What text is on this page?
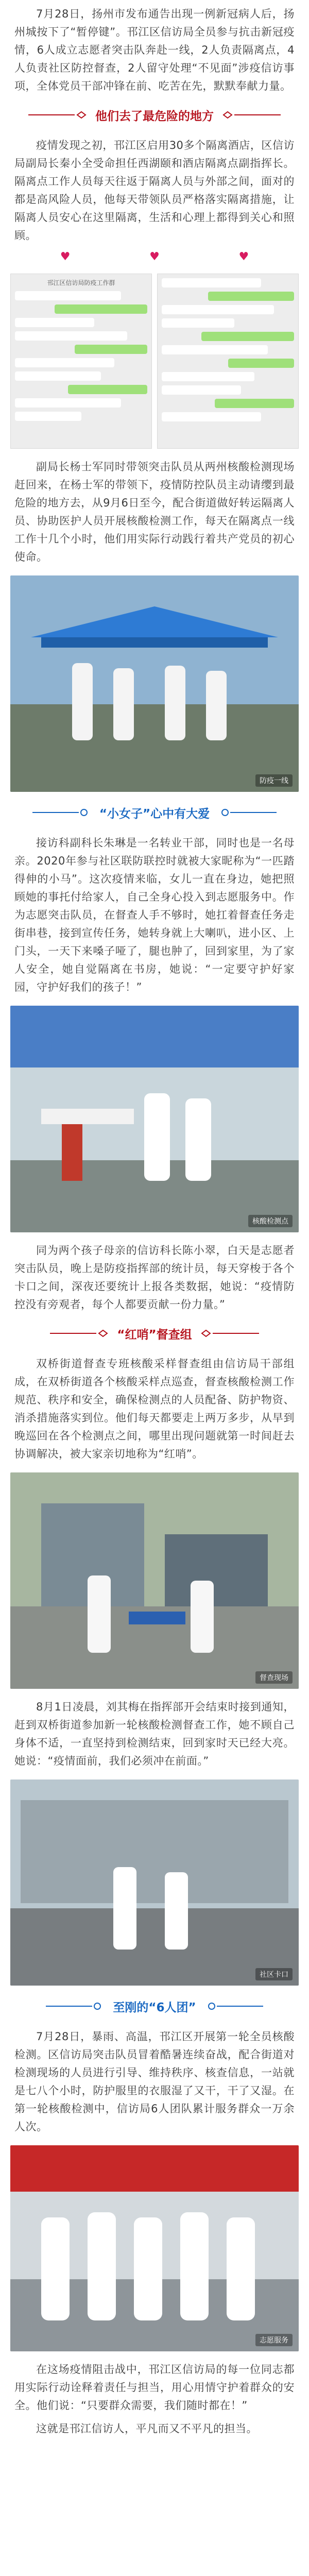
7月28日，扬州市发布通告出现一例新冠病人后，扬州城按下了“暂停键”。邗江区信访局全员参与抗击新冠疫情，6人成立志愿者突击队奔赴一线，2人负责隔离点，4人负责社区防控督查，2人留守处理“不见面”涉疫信访事项，全体党员干部冲锋在前、吃苦在先，默默奉献力量。

他们去了最危险的地方

疫情发现之初，邗江区启用30多个隔离酒店，区信访局副局长秦小全受命担任西湖颐和酒店隔离点副指挥长。隔离点工作人员每天往返于隔离人员与外部之间，面对的都是高风险人员，他每天带领队员严格落实隔离措施，让隔离人员安心在这里隔离，生活和心理上都得到关心和照顾。

♥	♥	♥
邗江区信访局防疫工作群

副局长杨士军同时带领突击队员从两州核酸检测现场赶回来，在杨士军的带领下，疫情防控队员主动请缨到最危险的地方去，从9月6日至今，配合街道做好转运隔离人员、协助医护人员开展核酸检测工作，每天在隔离点一线工作十几个小时，他们用实际行动践行着共产党员的初心使命。

防疫一线
“小女子”心中有大爱

接访科副科长朱琳是一名转业干部，同时也是一名母亲。2020年参与社区联防联控时就被大家昵称为“一匹踏得伸的小马”。这次疫情来临，女儿一直在身边，她把照顾她的事托付给家人，自己全身心投入到志愿服务中。作为志愿突击队员，在督查人手不够时，她扛着督查任务走街串巷，接到宣传任务，她转身就上大喇叭，进小区、上门头，一天下来嗓子哑了，腿也肿了，回到家里，为了家人安全，她自觉隔离在书房，她说：“一定要守护好家园，守护好我们的孩子！”

核酸检测点

同为两个孩子母亲的信访科长陈小翠，白天是志愿者突击队员，晚上是防疫指挥部的统计员，每天穿梭于各个卡口之间，深夜还要统计上报各类数据，她说：“疫情防控没有旁观者，每个人都要贡献一份力量。”

“红哨”督查组

双桥街道督查专班核酸采样督查组由信访局干部组成，在双桥街道各个核酸采样点巡查，督查核酸检测工作规范、秩序和安全，确保检测点的人员配备、防护物资、消杀措施落实到位。他们每天都要走上两万多步，从早到晚巡回在各个检测点之间，哪里出现问题就第一时间赶去协调解决，被大家亲切地称为“红哨”。

督查现场

8月1日凌晨，刘其梅在指挥部开会结束时接到通知，赶到双桥街道参加新一轮核酸检测督查工作，她不顾自己身体不适，一直坚持到检测结束，回到家时天已经大亮。她说：“疫情面前，我们必须冲在前面。”

社区卡口
至刚的“6人团”

7月28日，暴雨、高温，邗江区开展第一轮全员核酸检测。区信访局突击队员冒着酷暑连续奋战，配合街道对检测现场的人员进行引导、维持秩序、核查信息，一站就是七八个小时，防护服里的衣服湿了又干，干了又湿。在第一轮核酸检测中，信访局6人团队累计服务群众一万余人次。

志愿服务

在这场疫情阻击战中，邗江区信访局的每一位同志都用实际行动诠释着责任与担当，用心用情守护着群众的安全。他们说：“只要群众需要，我们随时都在！”

这就是邗江信访人，平凡而又不平凡的担当。
